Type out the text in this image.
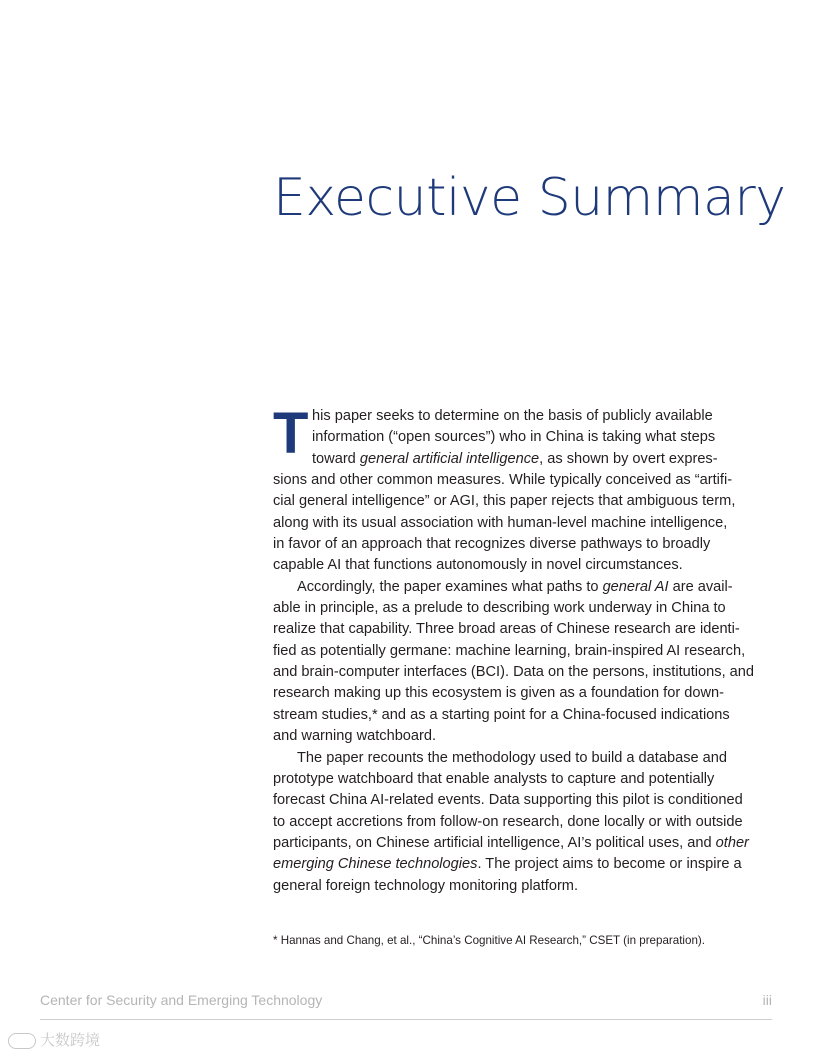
Executive Summary
T his paper seeks to determine on the basis of publicly available
information (“open sources”) who in China is taking what steps
toward general artificial intelligence, as shown by overt expres-
sions and other common measures. While typically conceived as “artifi-
cial general intelligence” or AGI, this paper rejects that ambiguous term,
along with its usual association with human-level machine intelligence,
in favor of an approach that recognizes diverse pathways to broadly
capable AI that functions autonomously in novel circumstances.
Accordingly, the paper examines what paths to general AI are avail-
able in principle, as a prelude to describing work underway in China to
realize that capability. Three broad areas of Chinese research are identi-
fied as potentially germane: machine learning, brain-inspired AI research,
and brain-computer interfaces (BCI). Data on the persons, institutions, and
research making up this ecosystem is given as a foundation for down-
stream studies,* and as a starting point for a China-focused indications
and warning watchboard.
The paper recounts the methodology used to build a database and
prototype watchboard that enable analysts to capture and potentially
forecast China AI-related events. Data supporting this pilot is conditioned
to accept accretions from follow-on research, done locally or with outside
participants, on Chinese artificial intelligence, AI’s political uses, and other
emerging Chinese technologies. The project aims to become or inspire a
general foreign technology monitoring platform.
* Hannas and Chang, et al., “China’s Cognitive AI Research,” CSET (in preparation).
Center for Security and Emerging Technology	iii
大数跨境
